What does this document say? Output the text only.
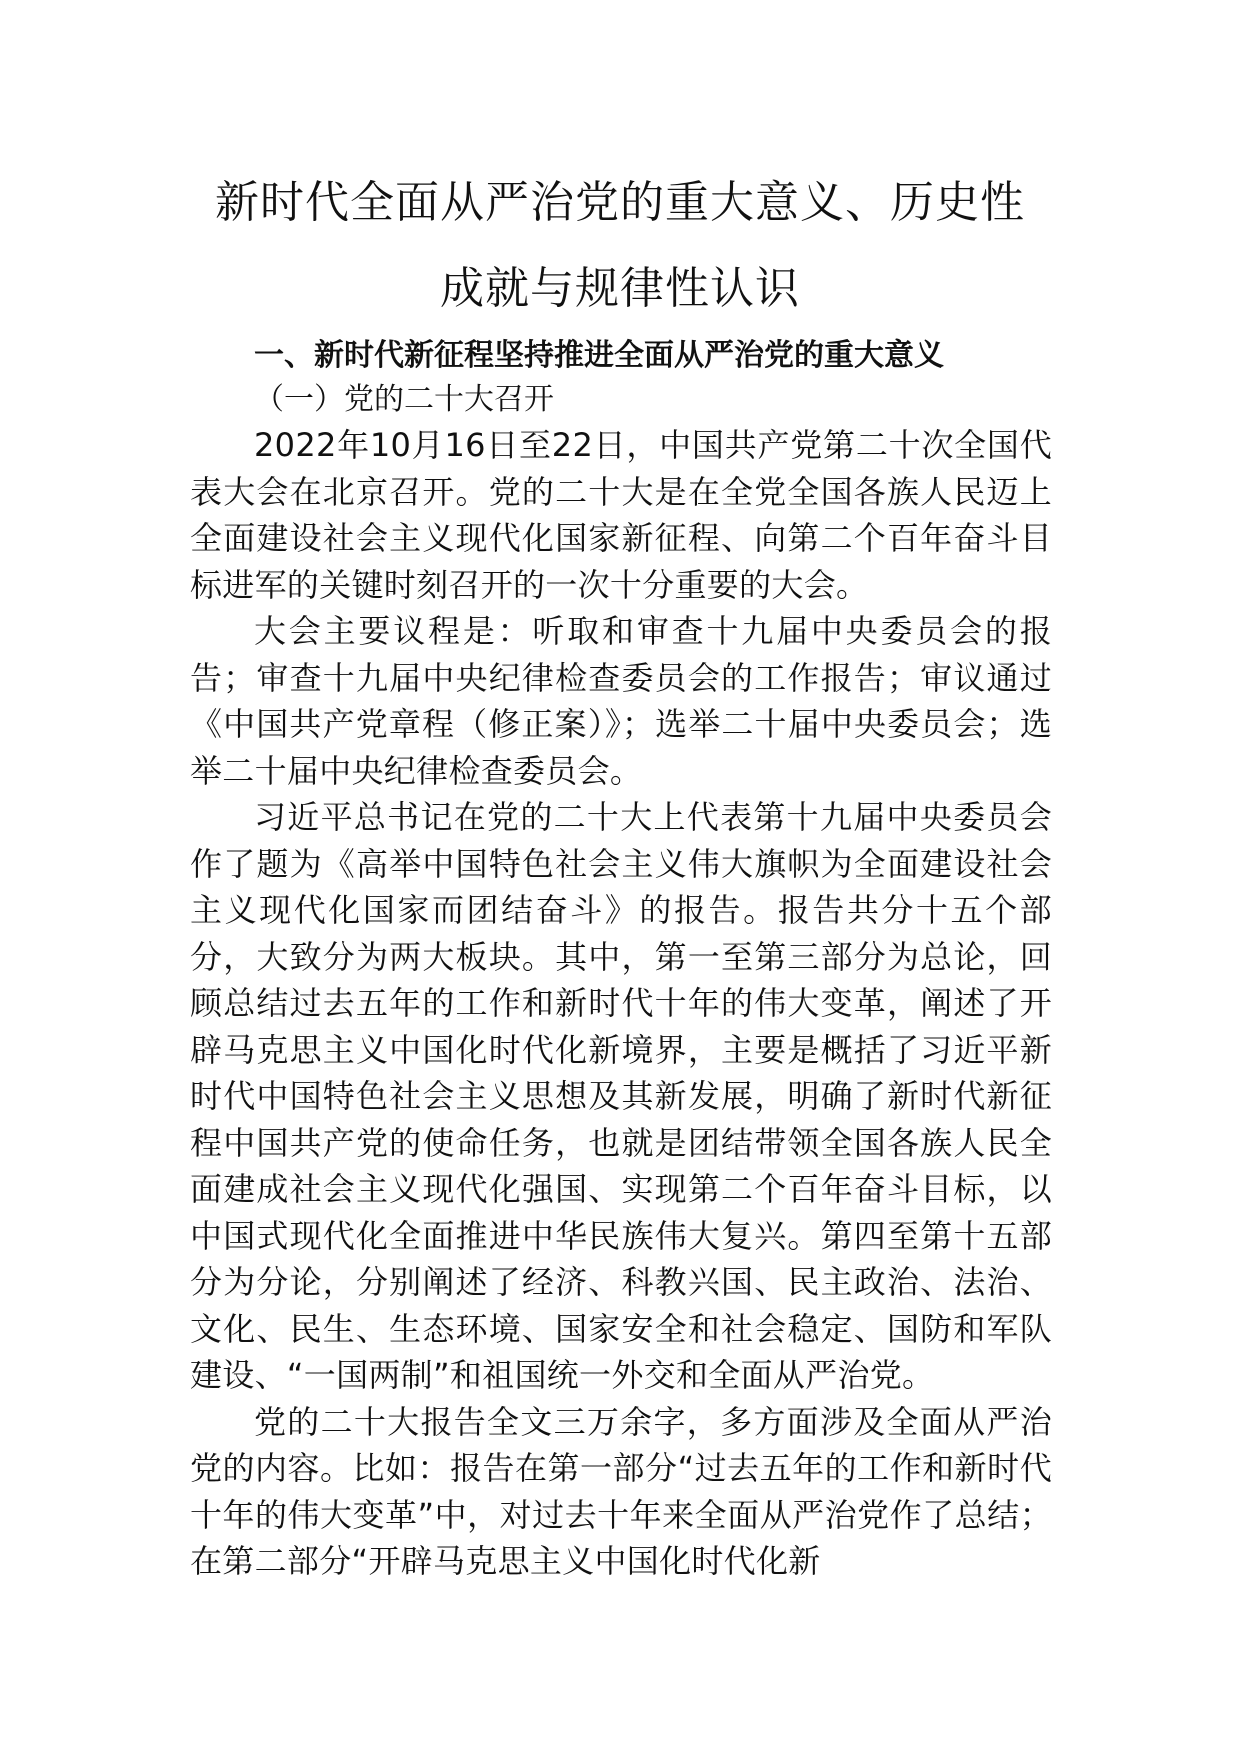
新时代全面从严治党的重大意义、历史性
成就与规律性认识
一、新时代新征程坚持推进全面从严治党的重大意义
（一）党的二十大召开

2022年10月16日至22日，中国共产党第二十次全国代表大会在北京召开。党的二十大是在全党全国各族人民迈上全面建设社会主义现代化国家新征程、向第二个百年奋斗目标进军的关键时刻召开的一次十分重要的大会。

大会主要议程是：听取和审查十九届中央委员会的报告；审查十九届中央纪律检查委员会的工作报告；审议通过《中国共产党章程（修正案）》；选举二十届中央委员会；选举二十届中央纪律检查委员会。

习近平总书记在党的二十大上代表第十九届中央委员会作了题为《高举中国特色社会主义伟大旗帜为全面建设社会主义现代化国家而团结奋斗》的报告。报告共分十五个部分，大致分为两大板块。其中，第一至第三部分为总论，回顾总结过去五年的工作和新时代十年的伟大变革，阐述了开辟马克思主义中国化时代化新境界，主要是概括了习近平新时代中国特色社会主义思想及其新发展，明确了新时代新征程中国共产党的使命任务，也就是团结带领全国各族人民全面建成社会主义现代化强国、实现第二个百年奋斗目标，以中国式现代化全面推进中华民族伟大复兴。第四至第十五部分为分论，分别阐述了经济、科教兴国、民主政治、法治、文化、民生、生态环境、国家安全和社会稳定、国防和军队建设、“一国两制”和祖国统一外交和全面从严治党。

党的二十大报告全文三万余字，多方面涉及全面从严治党的内容。比如：报告在第一部分“过去五年的工作和新时代十年的伟大变革”中，对过去十年来全面从严治党作了总结；在第二部分“开辟马克思主义中国化时代化新
